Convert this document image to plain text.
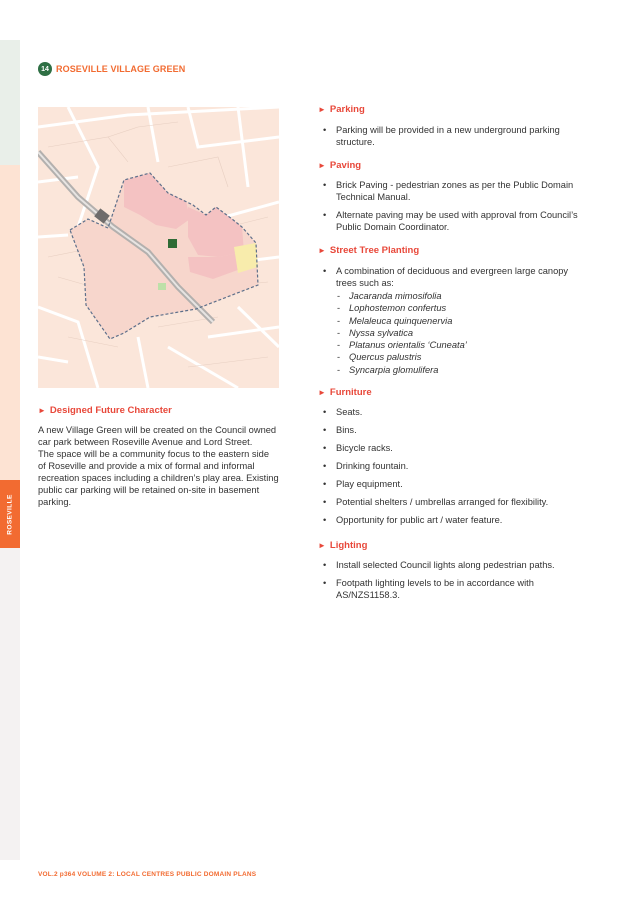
ROSEVILLE
14 ROSEVILLE VILLAGE GREEN
► Designed Future Character
A new Village Green will be created on the Council owned
car park between Roseville Avenue and Lord Street.
The space will be a community focus to the eastern side
of Roseville and provide a mix of formal and informal
recreation spaces including a children’s play area. Existing
public car parking will be retained on-site in basement
parking.
► Parking
• Parking will be provided in a new underground parking structure.
► Paving
• Brick Paving - pedestrian zones as per the Public Domain Technical Manual.
• Alternate paving may be used with approval from Council’s Public Domain Coordinator.
► Street Tree Planting
• A combination of deciduous and evergreen large canopy trees such as:
- Jacaranda mimosifolia
- Lophostemon confertus
- Melaleuca quinquenervia
- Nyssa sylvatica
- Platanus orientalis ‘Cuneata’
- Quercus palustris
- Syncarpia glomulifera
► Furniture
• Seats.
• Bins.
• Bicycle racks.
• Drinking fountain.
• Play equipment.
• Potential shelters / umbrellas arranged for flexibility.
• Opportunity for public art / water feature.
► Lighting
• Install selected Council lights along pedestrian paths.
• Footpath lighting levels to be in accordance with AS/NZS1158.3.
VOL.2 p364 VOLUME 2: LOCAL CENTRES PUBLIC DOMAIN PLANS
